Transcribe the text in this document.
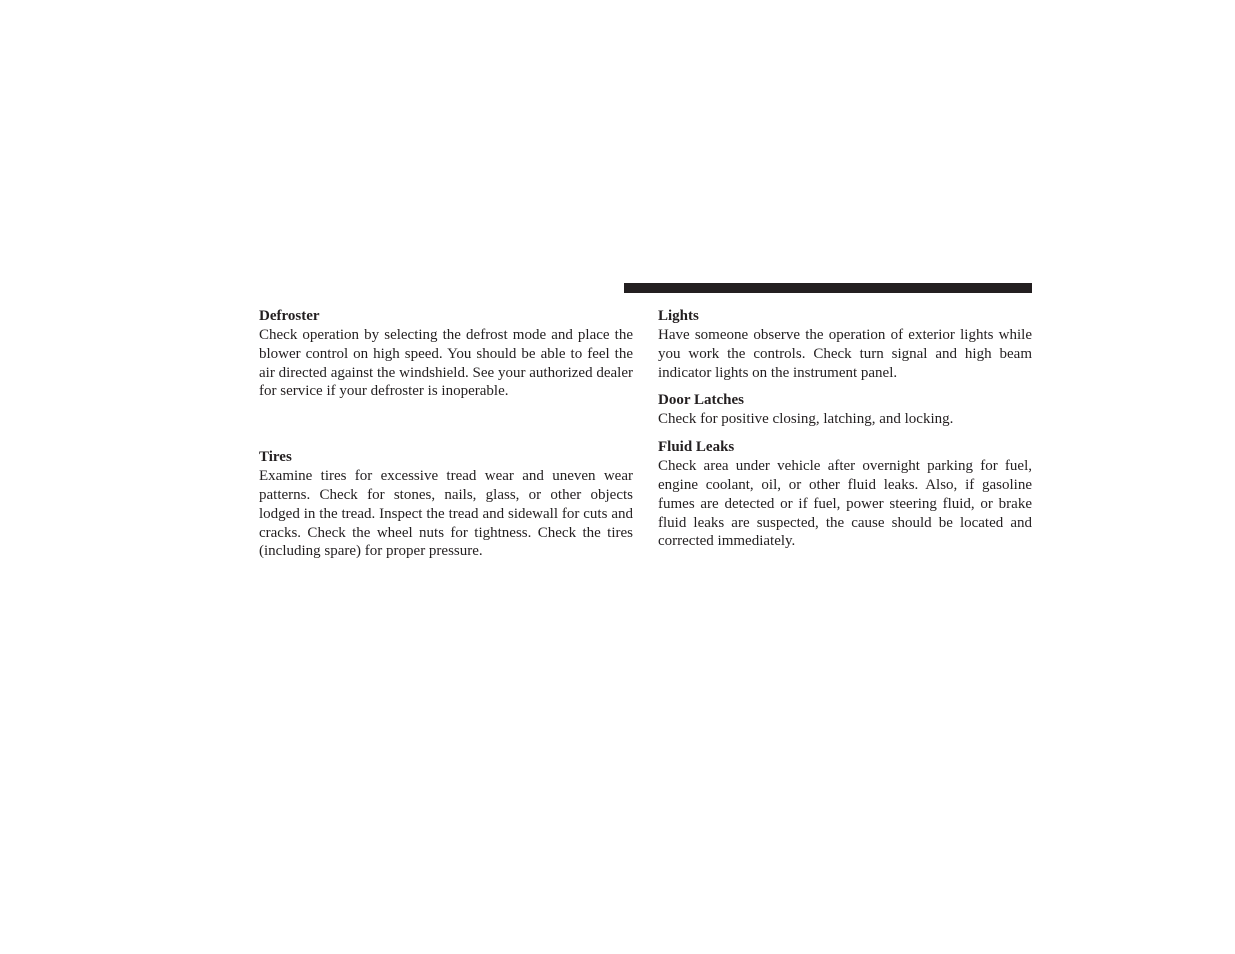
Defroster

Check operation by selecting the defrost mode and place the blower control on high speed. You should be able to feel the air directed against the windshield. See your authorized dealer for service if your defroster is inoperable.

Tires

Examine tires for excessive tread wear and uneven wear patterns. Check for stones, nails, glass, or other objects lodged in the tread. Inspect the tread and sidewall for cuts and cracks. Check the wheel nuts for tightness. Check the tires (including spare) for proper pressure.

Lights

Have someone observe the operation of exterior lights while you work the controls. Check turn signal and high beam indicator lights on the instrument panel.

Door Latches

Check for positive closing, latching, and locking.

Fluid Leaks

Check area under vehicle after overnight parking for fuel, engine coolant, oil, or other fluid leaks. Also, if gasoline fumes are detected or if fuel, power steering fluid, or brake fluid leaks are suspected, the cause should be located and corrected immediately.
